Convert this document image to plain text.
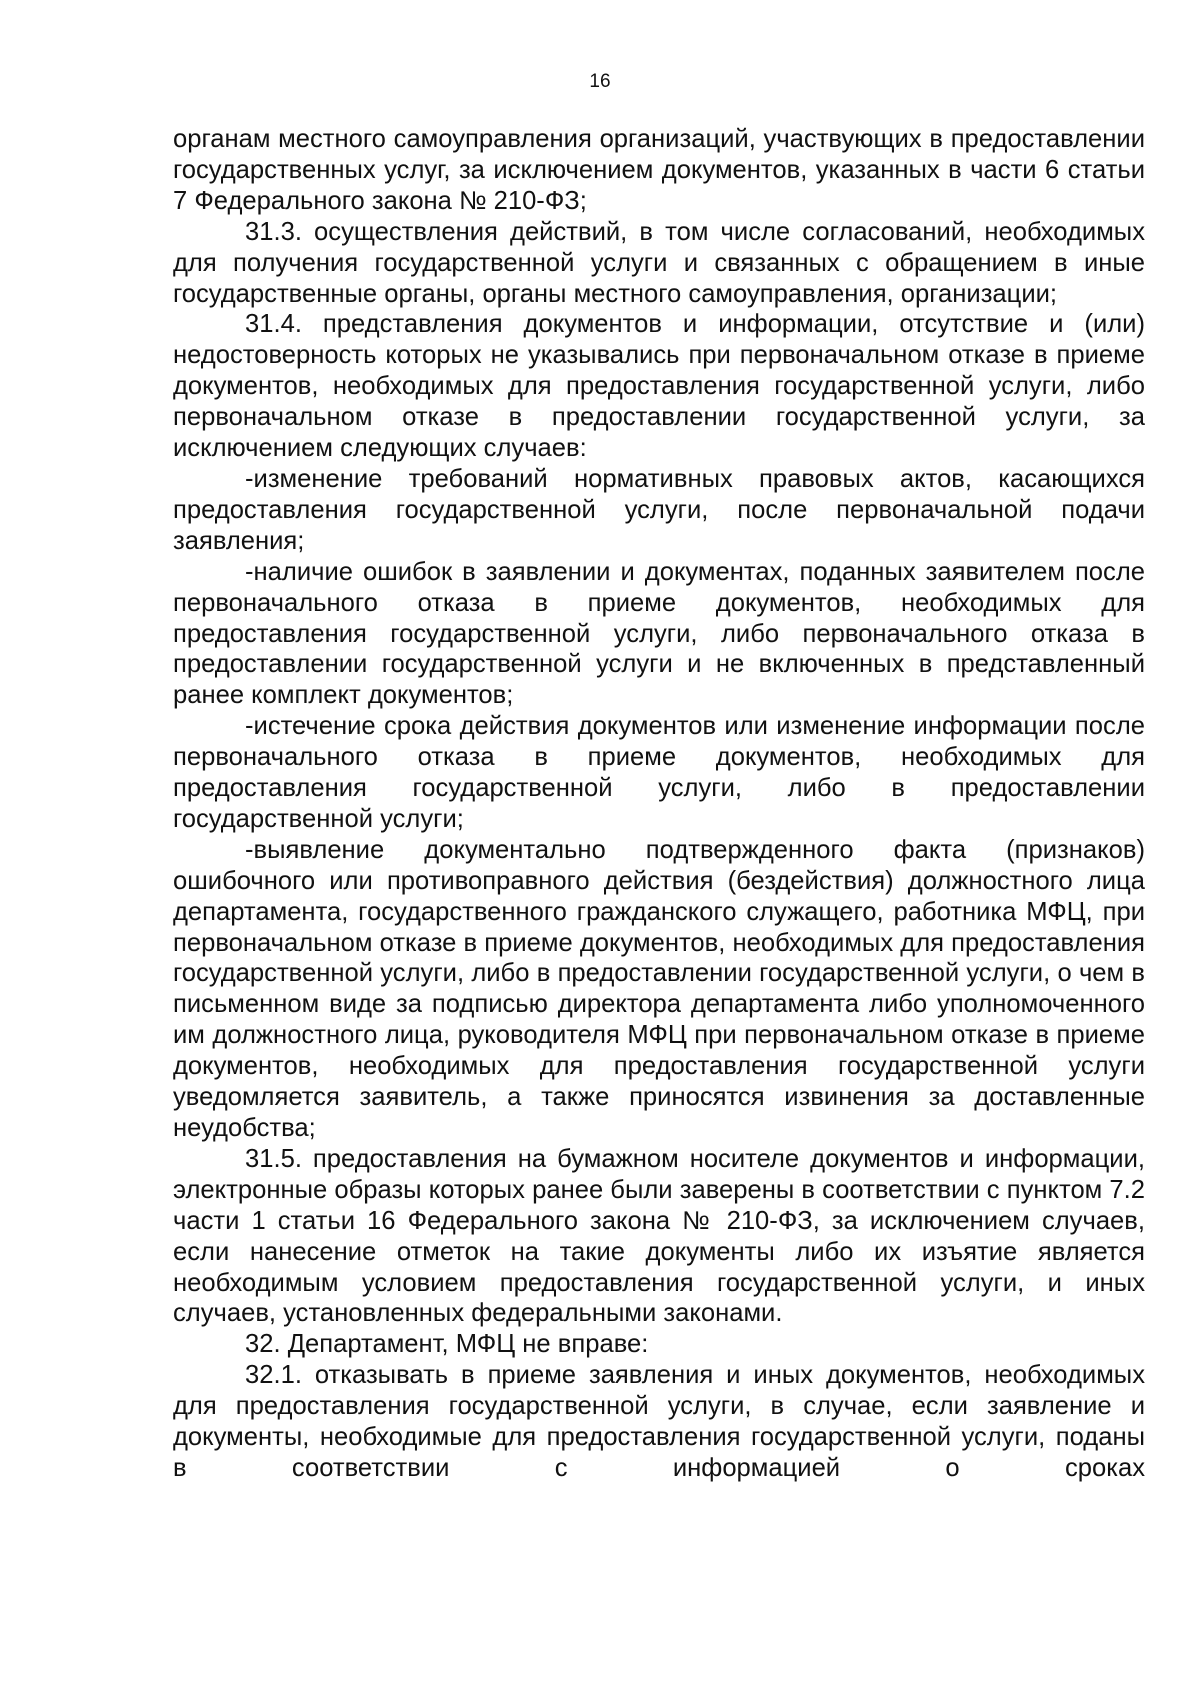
16

органам местного самоуправления организаций, участвующих в предоставлении государственных услуг, за исключением документов, указанных в части 6 статьи 7 Федерального закона № 210-ФЗ;

31.3. осуществления действий, в том числе согласований, необходимых для получения государственной услуги и связанных с обращением в иные государственные органы, органы местного самоуправления, организации;

31.4. представления документов и информации, отсутствие и (или) недостоверность которых не указывались при первоначальном отказе в приеме документов, необходимых для предоставления государственной услуги, либо первоначальном отказе в предоставлении государственной услуги, за исключением следующих случаев:

-изменение требований нормативных правовых актов, касающихся предоставления государственной услуги, после первоначальной подачи заявления;

-наличие ошибок в заявлении и документах, поданных заявителем после первоначального отказа в приеме документов, необходимых для предоставления государственной услуги, либо первоначального отказа в предоставлении государственной услуги и не включенных в представленный ранее комплект документов;

-истечение срока действия документов или изменение информации после первоначального отказа в приеме документов, необходимых для предоставления государственной услуги, либо в предоставлении государственной услуги;

-выявление документально подтвержденного факта (признаков) ошибочного или противоправного действия (бездействия) должностного лица департамента, государственного гражданского служащего, работника МФЦ, при первоначальном отказе в приеме документов, необходимых для предоставления государственной услуги, либо в предоставлении государственной услуги, о чем в письменном виде за подписью директора департамента либо уполномоченного им должностного лица, руководителя МФЦ при первоначальном отказе в приеме документов, необходимых для предоставления государственной услуги уведомляется заявитель, а также приносятся извинения за доставленные неудобства;

31.5. предоставления на бумажном носителе документов и информации, электронные образы которых ранее были заверены в соответствии с пунктом 7.2 части 1 статьи 16 Федерального закона № 210-ФЗ, за исключением случаев, если нанесение отметок на такие документы либо их изъятие является необходимым условием предоставления государственной услуги, и иных случаев, установленных федеральными законами.

32. Департамент, МФЦ не вправе:

32.1. отказывать в приеме заявления и иных документов, необходимых для предоставления государственной услуги, в случае, если заявление и документы, необходимые для предоставления государственной услуги, поданы в соответствии с информацией о сроках
